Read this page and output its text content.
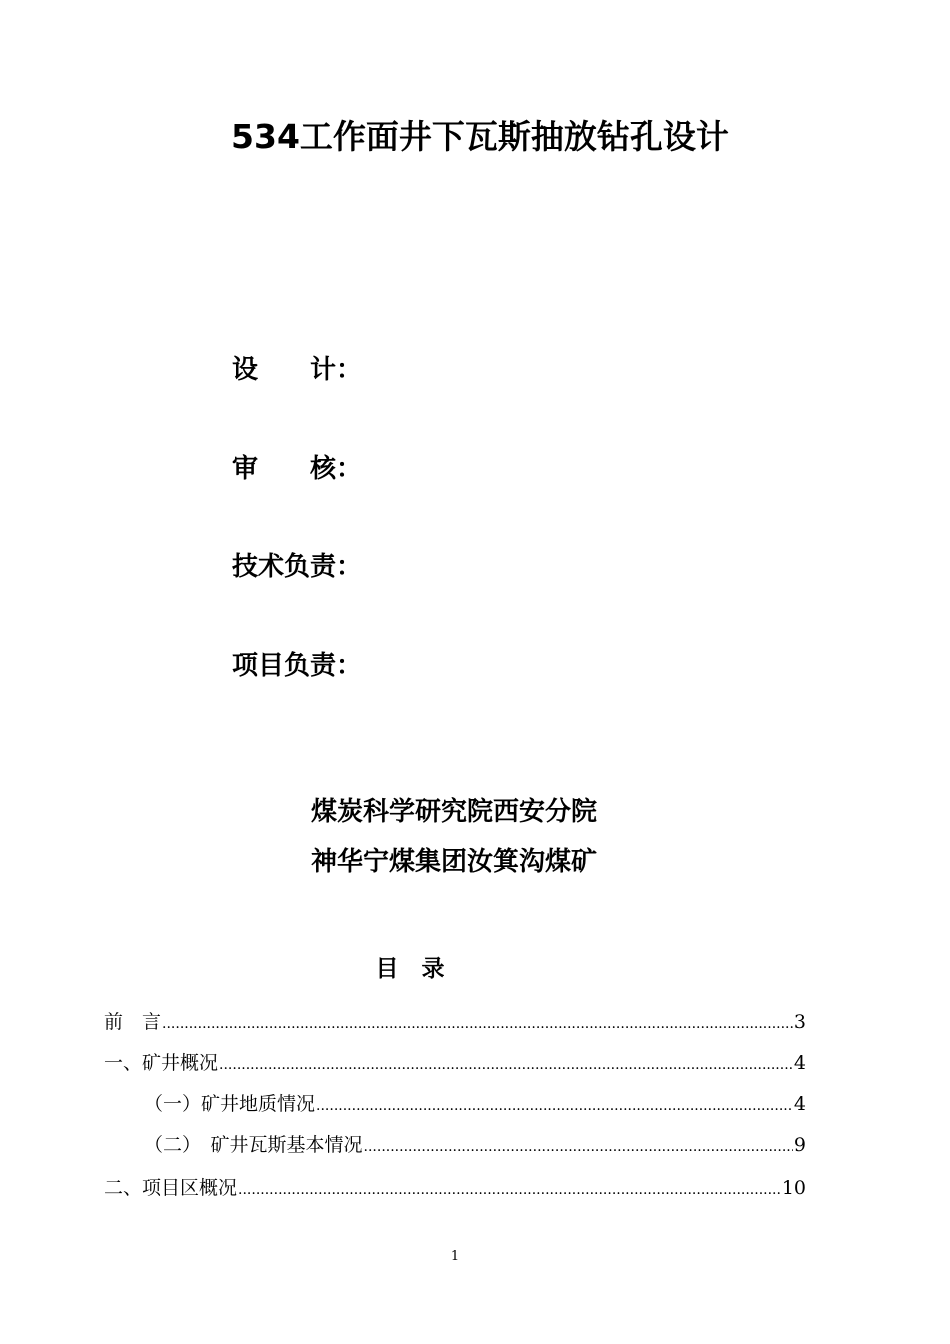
534工作面井下瓦斯抽放钻孔设计
设　　计：
审　　核：
技术负责：
项目负责：
煤炭科学研究院西安分院
神华宁煤集团汝箕沟煤矿
目　录
前　言 .....	3
一、矿井概况 .....	4
（一）矿井地质情况 .....	4
（二）　矿井瓦斯基本情况 .....	9
二、项目区概况 .....	10
1
